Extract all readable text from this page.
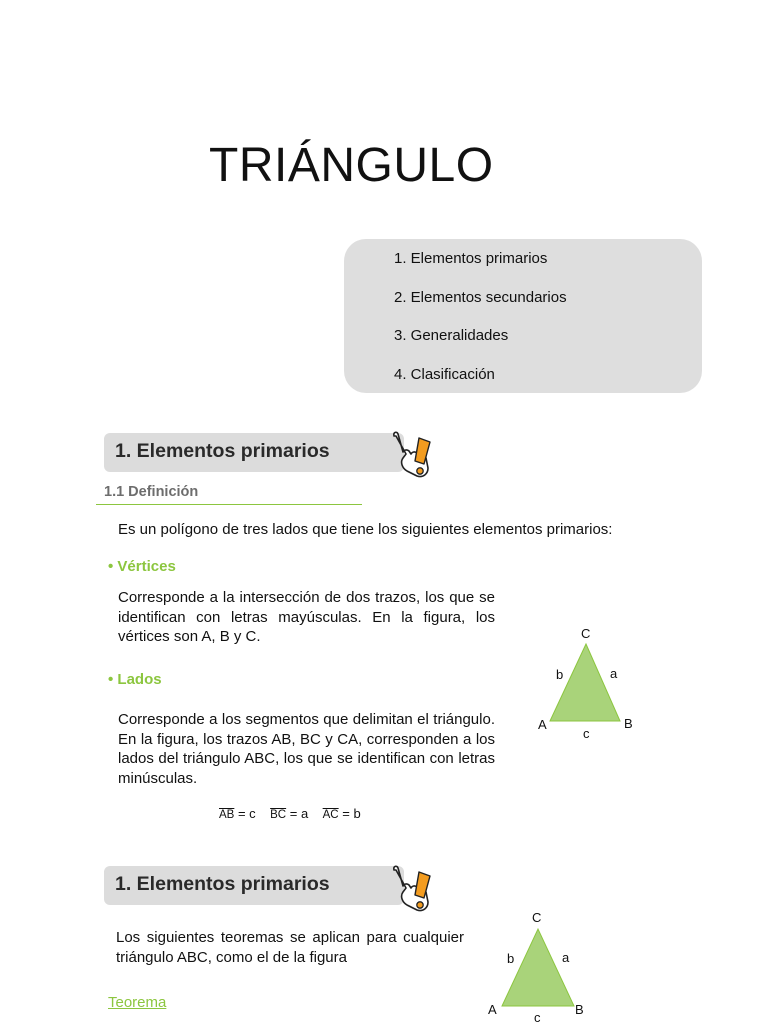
TRIÁNGULO
1. Elementos primarios
2. Elementos secundarios
3. Generalidades
4. Clasificación
1. Elementos primarios
1.1 Definición
Es un polígono de tres lados que tiene los siguientes elementos primarios:
• Vértices
Corresponde a la intersección de dos trazos, los que se identifican con letras mayúsculas. En la figura, los vértices son A, B y C.
• Lados
Corresponde a los segmentos que delimitan el triángulo. En la figura, los trazos AB, BC y CA, corresponden a los lados del triángulo ABC, los que se identifican con letras minúsculas.
$\overline{AB} = c$ $\overline{BC} = a$ $\overline{AC} = b$
C
A	B
b	a
c
1. Elementos primarios
Los siguientes teoremas se aplican para cualquier triángulo ABC, como el de la figura
Teorema
C
A	B
b	a
c
